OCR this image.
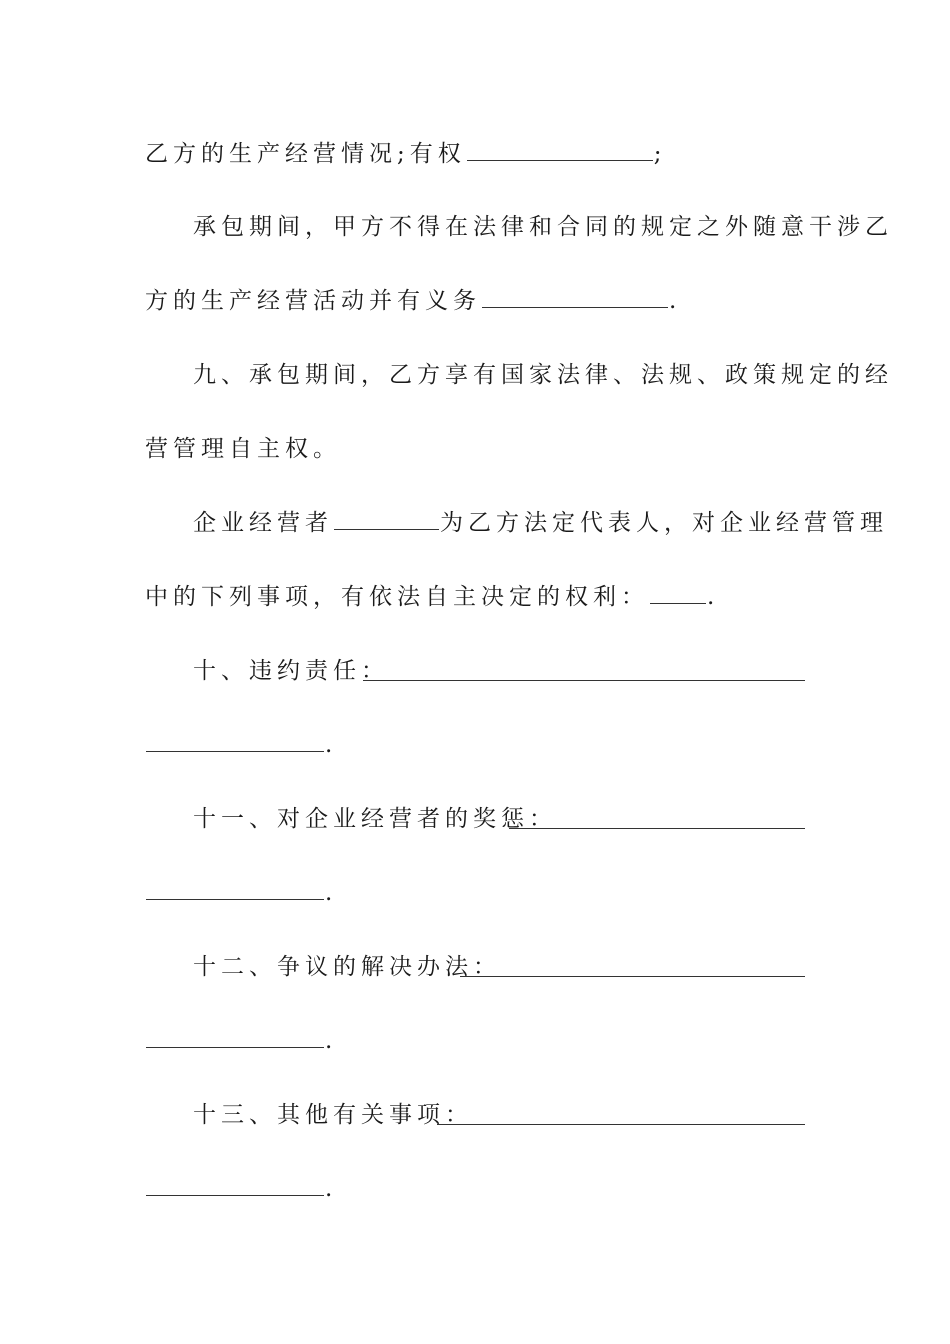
乙方的生产经营情况;有权	;
承包期间，甲方不得在法律和合同的规定之外随意干涉乙
方的生产经营活动并有义务	.
九、承包期间，乙方享有国家法律、法规、政策规定的经
营管理自主权。
企业经营者	为乙方法定代表人，对企业经营管理
中的下列事项，有依法自主决定的权利：	.
十、违约责任：
.
十一、对企业经营者的奖惩：
.
十二、争议的解决办法：
.
十三、其他有关事项：
.
